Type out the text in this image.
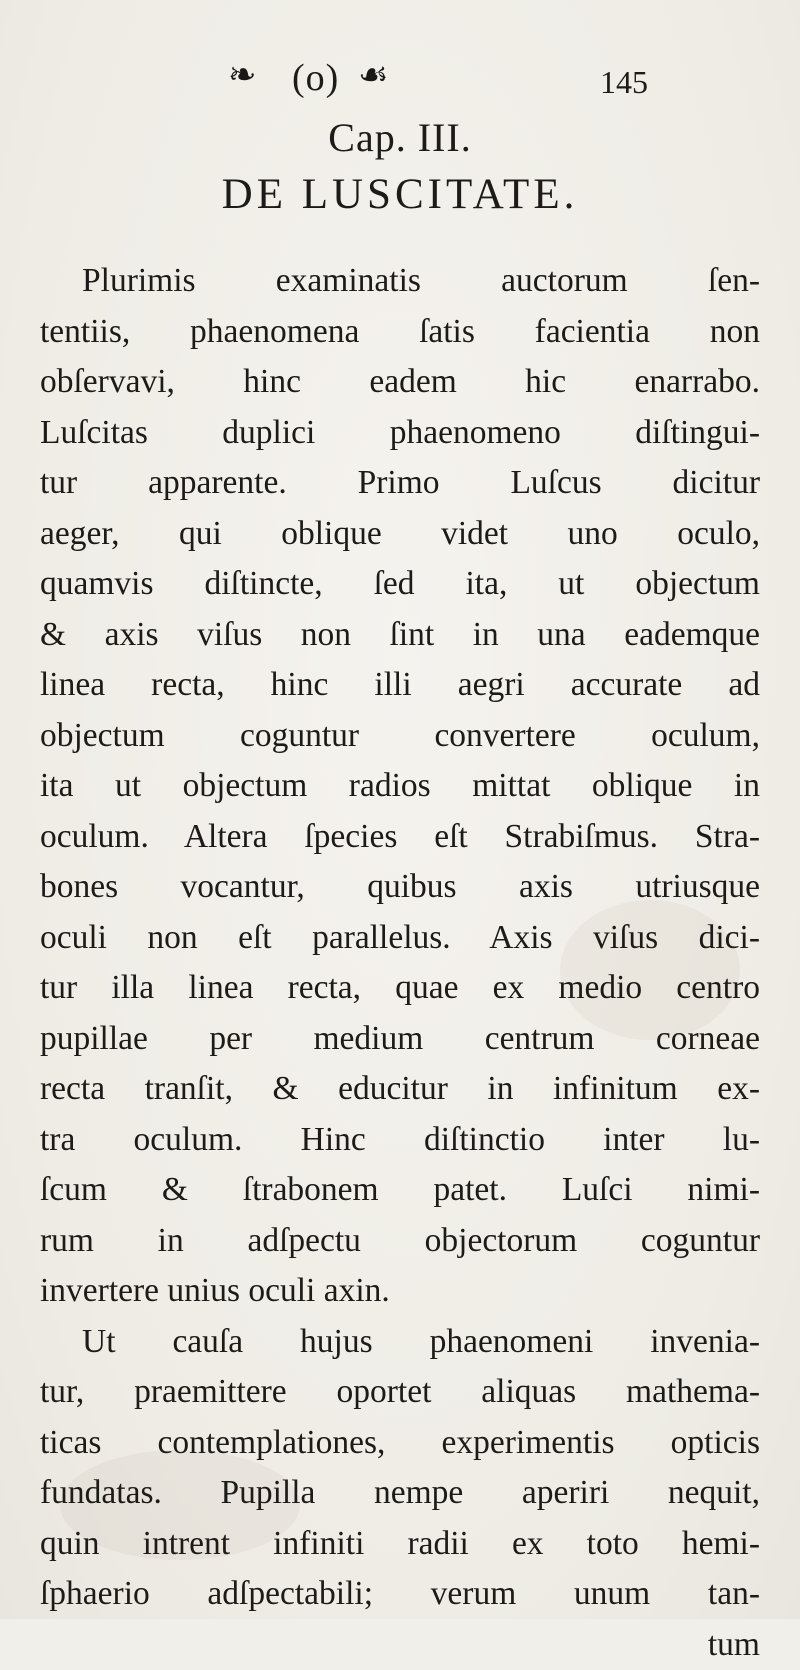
❧ (o) ☙	145
Cap. III.
DE LUSCITATE.
Plurimis examinatis auctorum ſen-
tentiis, phaenomena ſatis facientia non
obſervavi, hinc eadem hic enarrabo.
Luſcitas duplici phaenomeno diſtingui-
tur apparente. Primo Luſcus dicitur
aeger, qui oblique videt uno oculo,
quamvis diſtincte, ſed ita, ut objectum
& axis viſus non ſint in una eademque
linea recta, hinc illi aegri accurate ad
objectum coguntur convertere oculum,
ita ut objectum radios mittat oblique in
oculum. Altera ſpecies eſt Strabiſmus. Stra-
bones vocantur, quibus axis utriusque
oculi non eſt parallelus. Axis viſus dici-
tur illa linea recta, quae ex medio centro
pupillae per medium centrum corneae
recta tranſit, & educitur in infinitum ex-
tra oculum. Hinc diſtinctio inter lu-
ſcum & ſtrabonem patet. Luſci nimi-
rum in adſpectu objectorum coguntur
invertere unius oculi axin.
Ut cauſa hujus phaenomeni invenia-
tur, praemittere oportet aliquas mathema-
ticas contemplationes, experimentis opticis
fundatas. Pupilla nempe aperiri nequit,
quin intrent infiniti radii ex toto hemi-
ſphaerio adſpectabili; verum unum tan-
tum
